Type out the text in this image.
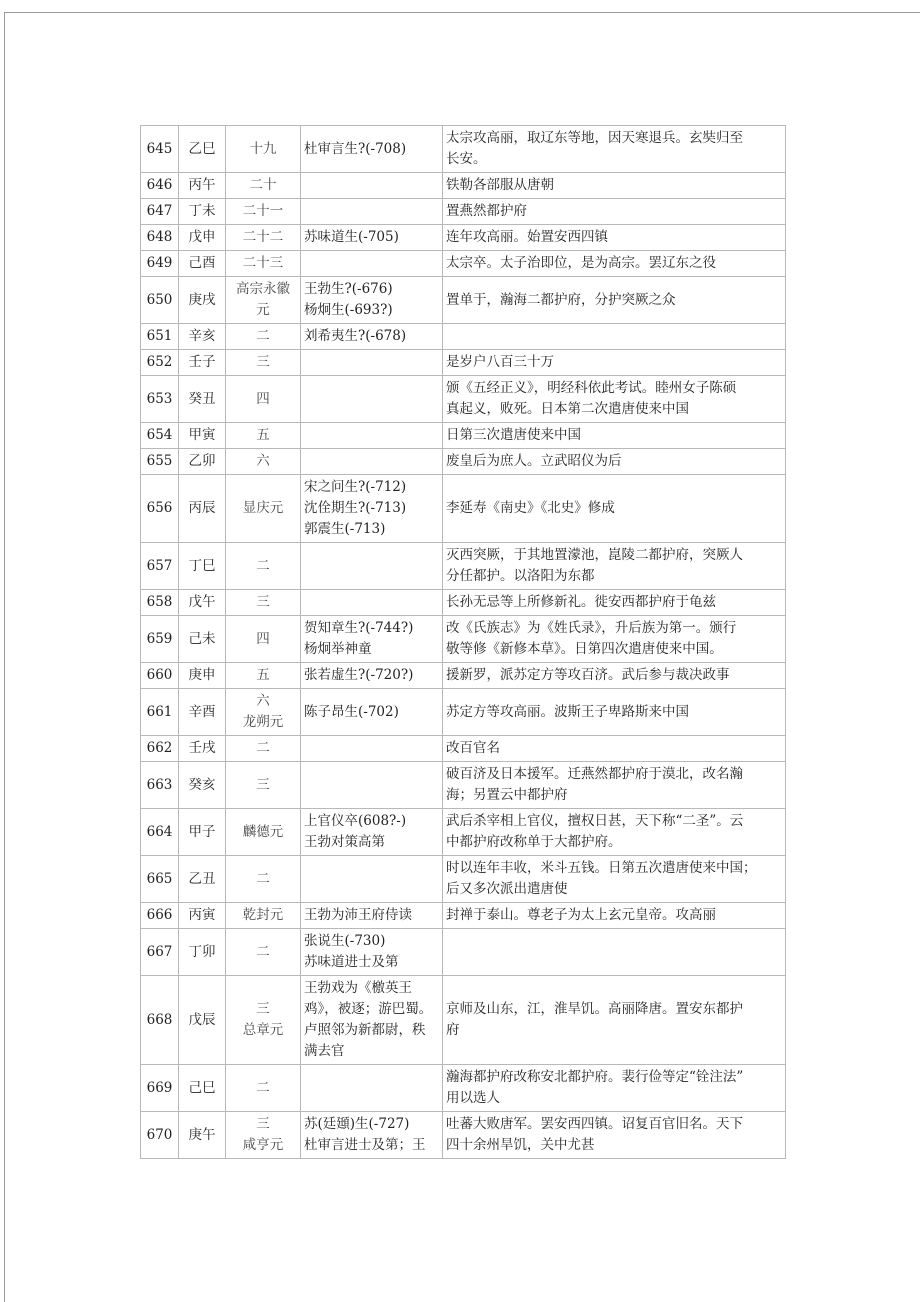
645	乙巳	十九	杜审言生?(-708)	太宗攻高丽，取辽东等地，因天寒退兵。玄奘归至
长安。

646	丙午	二十		铁勒各部服从唐朝

647	丁未	二十一		置燕然都护府

648	戊申	二十二	苏味道生(-705)	连年攻高丽。始置安西四镇

649	己酉	二十三		太宗卒。太子治即位，是为高宗。罢辽东之役

650	庚戌	高宗永徽
元	王勃生?(-676)
杨炯生(-693?)	置单于，瀚海二都护府，分护突厥之众

651	辛亥	二	刘希夷生?(-678)	

652	壬子	三		是岁户八百三十万

653	癸丑	四		颁《五经正义》，明经科依此考试。睦州女子陈硕
真起义，败死。日本第二次遣唐使来中国

654	甲寅	五		日第三次遣唐使来中国

655	乙卯	六		废皇后为庶人。立武昭仪为后

656	丙辰	显庆元	宋之问生?(-712)
沈佺期生?(-713)
郭震生(-713)	李延寿《南史》《北史》修成

657	丁巳	二		灭西突厥，于其地置濛池，崑陵二都护府，突厥人
分任都护。以洛阳为东都

658	戊午	三		长孙无忌等上所修新礼。徙安西都护府于龟兹

659	己未	四	贺知章生?(-744?)
杨炯举神童	改《氏族志》为《姓氏录》，升后族为第一。颁行
敬等修《新修本草》。日第四次遣唐使来中国。

660	庚申	五	张若虚生?(-720?)	援新罗，派苏定方等攻百济。武后参与裁决政事

661	辛酉	六
龙朔元	陈子昂生(-702)	苏定方等攻高丽。波斯王子卑路斯来中国

662	壬戌	二		改百官名

663	癸亥	三		破百济及日本援军。迁燕然都护府于漠北，改名瀚
海；另置云中都护府

664	甲子	麟德元	上官仪卒(608?-)
王勃对策高第	武后杀宰相上官仪，擅权日甚，天下称“二圣”。云
中都护府改称单于大都护府。

665	乙丑	二		时以连年丰收，米斗五钱。日第五次遣唐使来中国；
后又多次派出遣唐使

666	丙寅	乾封元	王勃为沛王府侍读	封禅于泰山。尊老子为太上玄元皇帝。攻高丽

667	丁卯	二	张说生(-730)
苏味道进士及第	

668	戊辰	三
总章元	王勃戏为《檄英王
鸡》，被逐；游巴蜀。
卢照邻为新都尉，秩
满去官	京师及山东，江，淮旱饥。高丽降唐。置安东都护
府

669	己巳	二		瀚海都护府改称安北都护府。裴行俭等定“铨注法”
用以选人

670	庚午	三
咸亨元	苏(廷頲)生(-727)
杜审言进士及第；王	吐蕃大败唐军。罢安西四镇。诏复百官旧名。天下
四十余州旱饥，关中尤甚
